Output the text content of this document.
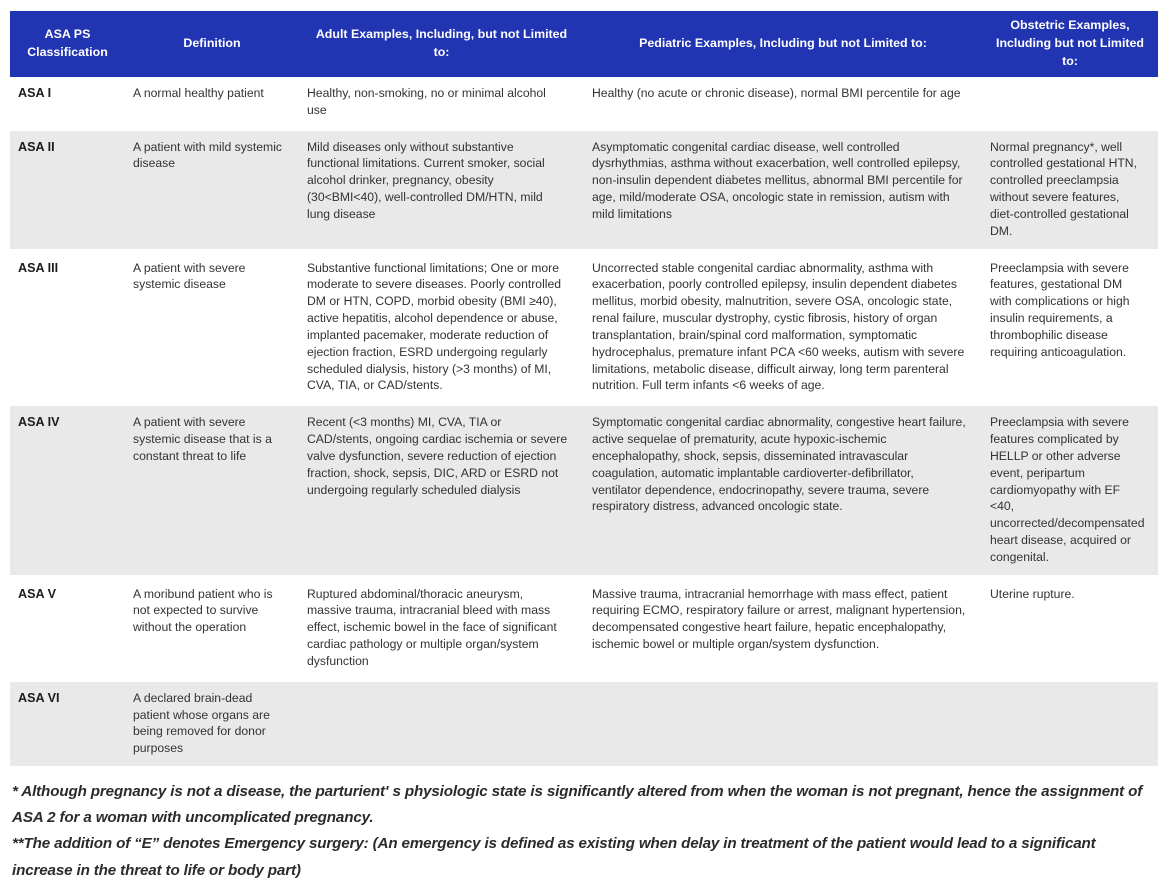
ASA PS Classification	Definition	Adult Examples, Including, but not Limited to:	Pediatric Examples, Including but not Limited to:	Obstetric Examples, Including but not Limited to:
ASA I	A normal healthy patient	Healthy, non-smoking, no or minimal alcohol use	Healthy (no acute or chronic disease), normal BMI percentile for age	
ASA II	A patient with mild systemic disease	Mild diseases only without substantive functional limitations. Current smoker, social alcohol drinker, pregnancy, obesity (30<BMI<40), well-controlled DM/HTN, mild lung disease	Asymptomatic congenital cardiac disease, well controlled dysrhythmias, asthma without exacerbation, well controlled epilepsy, non-insulin dependent diabetes mellitus, abnormal BMI percentile for age, mild/moderate OSA, oncologic state in remission, autism with mild limitations	Normal pregnancy*, well controlled gestational HTN, controlled preeclampsia without severe features, diet-controlled gestational DM.
ASA III	A patient with severe systemic disease	Substantive functional limitations; One or more moderate to severe diseases. Poorly controlled DM or HTN, COPD, morbid obesity (BMI ≥40), active hepatitis, alcohol dependence or abuse, implanted pacemaker, moderate reduction of ejection fraction, ESRD undergoing regularly scheduled dialysis, history (>3 months) of MI, CVA, TIA, or CAD/stents.	Uncorrected stable congenital cardiac abnormality, asthma with exacerbation, poorly controlled epilepsy, insulin dependent diabetes mellitus, morbid obesity, malnutrition, severe OSA, oncologic state, renal failure, muscular dystrophy, cystic fibrosis, history of organ transplantation, brain/spinal cord malformation, symptomatic hydrocephalus, premature infant PCA <60 weeks, autism with severe limitations, metabolic disease, difficult airway, long term parenteral nutrition. Full term infants <6 weeks of age.	Preeclampsia with severe features, gestational DM with complications or high insulin requirements, a thrombophilic disease requiring anticoagulation.
ASA IV	A patient with severe systemic disease that is a constant threat to life	Recent (<3 months) MI, CVA, TIA or CAD/stents, ongoing cardiac ischemia or severe valve dysfunction, severe reduction of ejection fraction, shock, sepsis, DIC, ARD or ESRD not undergoing regularly scheduled dialysis	Symptomatic congenital cardiac abnormality, congestive heart failure, active sequelae of prematurity, acute hypoxic-ischemic encephalopathy, shock, sepsis, disseminated intravascular coagulation, automatic implantable cardioverter-defibrillator, ventilator dependence, endocrinopathy, severe trauma, severe respiratory distress, advanced oncologic state.	Preeclampsia with severe features complicated by HELLP or other adverse event, peripartum cardiomyopathy with EF <40, uncorrected/decompensated heart disease, acquired or congenital.
ASA V	A moribund patient who is not expected to survive without the operation	Ruptured abdominal/thoracic aneurysm, massive trauma, intracranial bleed with mass effect, ischemic bowel in the face of significant cardiac pathology or multiple organ/system dysfunction	Massive trauma, intracranial hemorrhage with mass effect, patient requiring ECMO, respiratory failure or arrest, malignant hypertension, decompensated congestive heart failure, hepatic encephalopathy, ischemic bowel or multiple organ/system dysfunction.	Uterine rupture.
ASA VI	A declared brain-dead patient whose organs are being removed for donor purposes			

* Although pregnancy is not a disease, the parturient' s physiologic state is significantly altered from when the woman is not pregnant, hence the assignment of ASA 2 for a woman with uncomplicated pregnancy.

**The addition of “E” denotes Emergency surgery: (An emergency is defined as existing when delay in treatment of the patient would lead to a significant increase in the threat to life or body part)
